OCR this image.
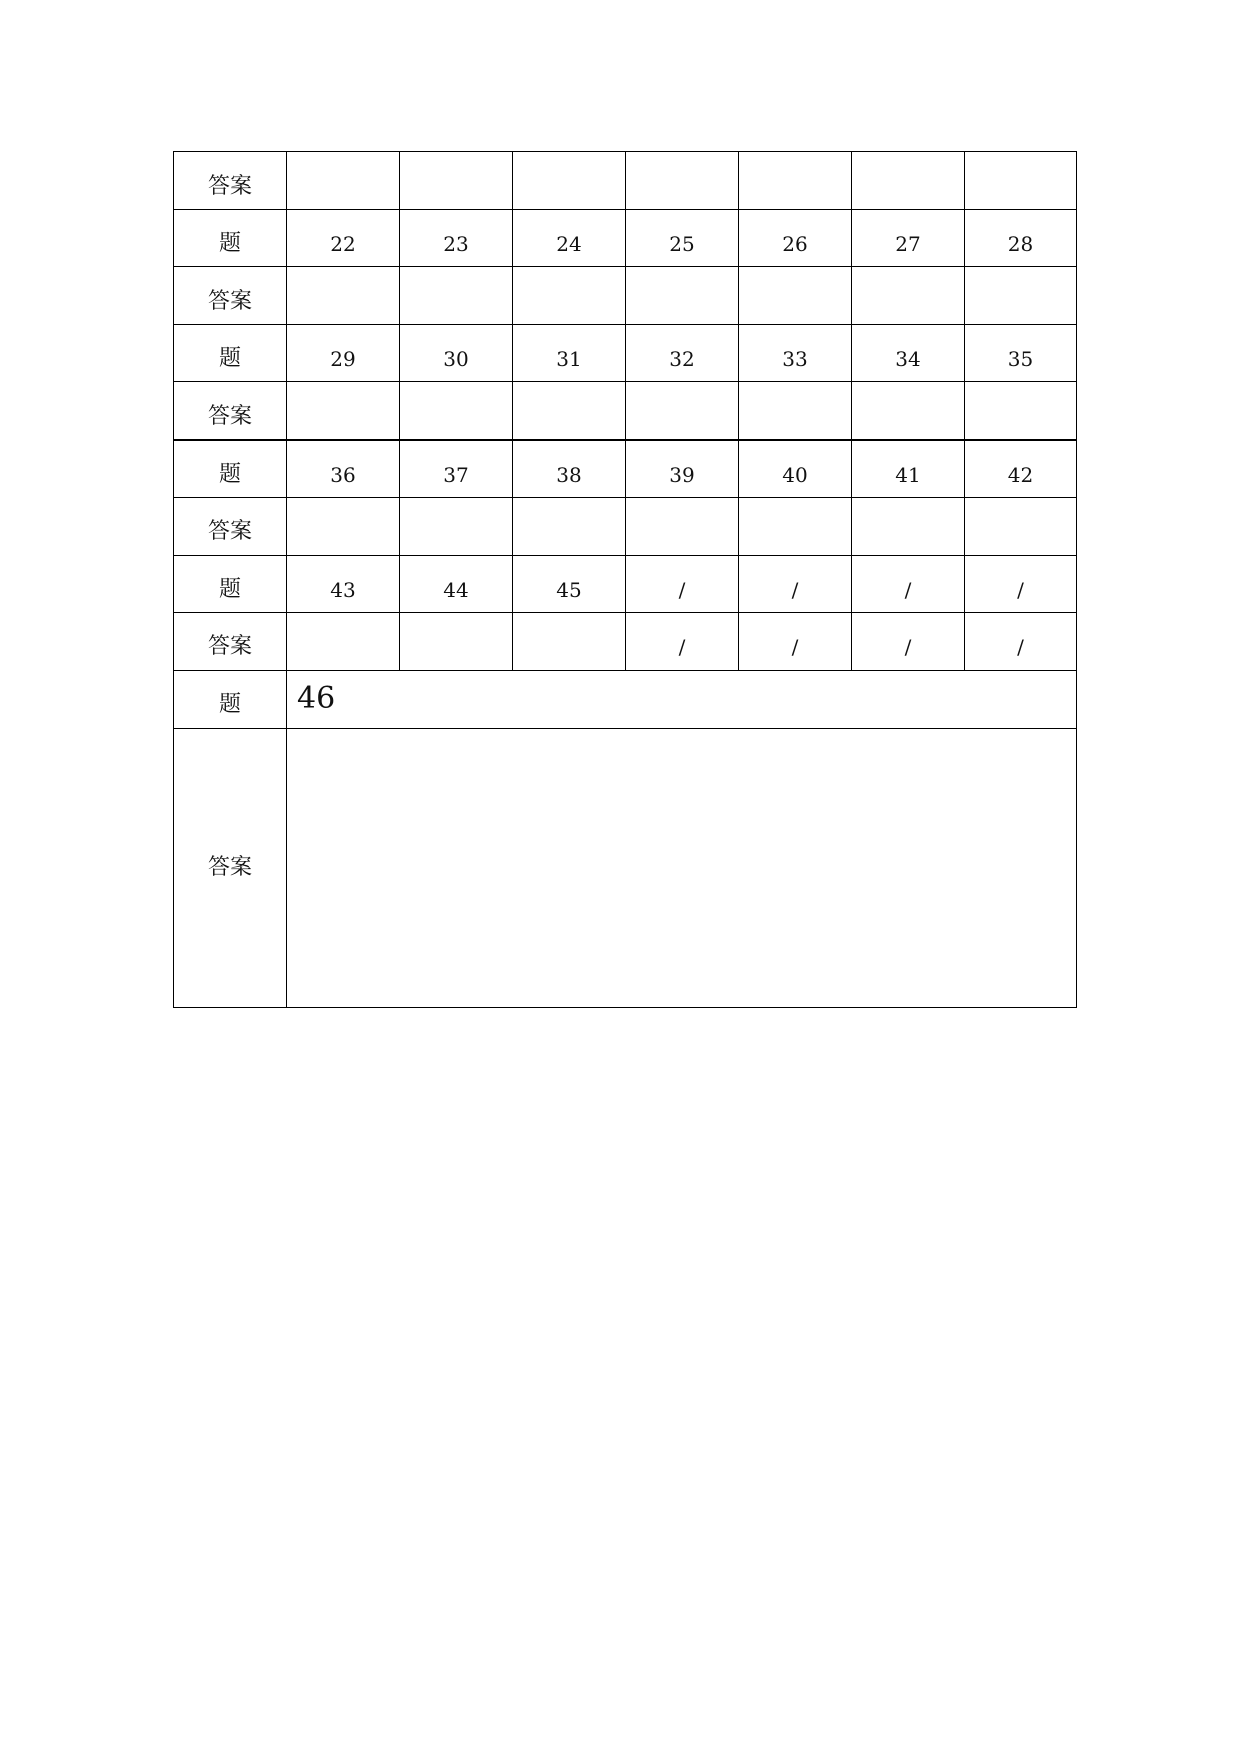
答案							
题	22	23	24	25	26	27	28
答案							
题	29	30	31	32	33	34	35
答案							
题	36	37	38	39	40	41	42
答案							
题	43	44	45	/	/	/	/
答案				/	/	/	/
题	46						
答案							
